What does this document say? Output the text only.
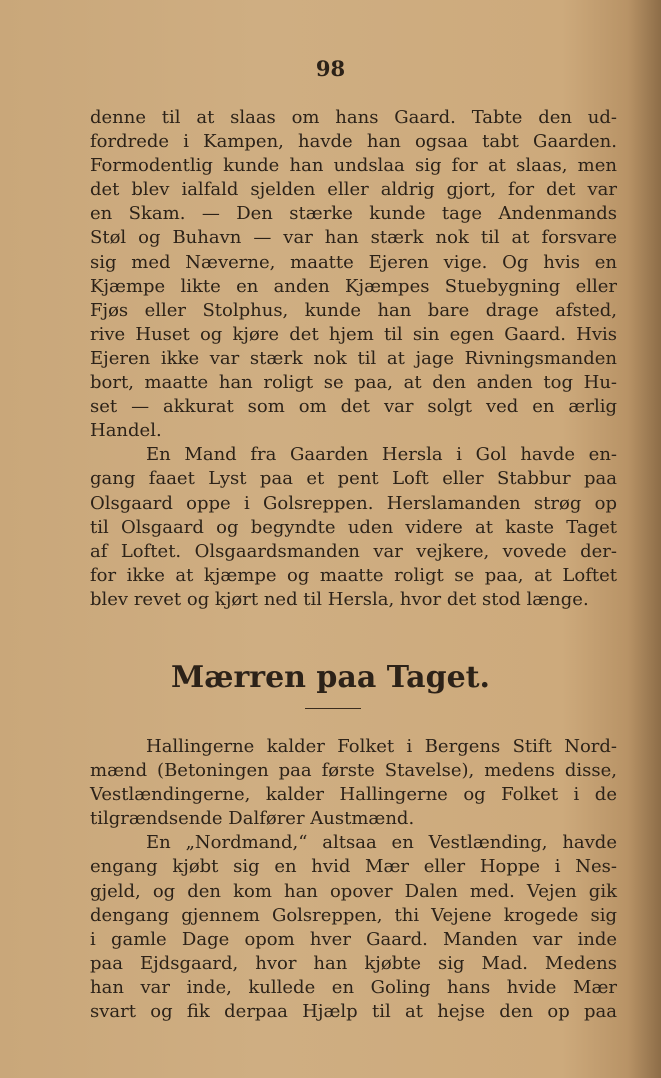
98
denne til at slaas om hans Gaard. Tabte den ud-
fordrede i Kampen, havde han ogsaa tabt Gaarden.
Formodentlig kunde han undslaa sig for at slaas, men
det blev ialfald sjelden eller aldrig gjort, for det var
en Skam. — Den stærke kunde tage Andenmands
Støl og Buhavn — var han stærk nok til at forsvare
sig med Næverne, maatte Ejeren vige. Og hvis en
Kjæmpe likte en anden Kjæmpes Stuebygning eller
Fjøs eller Stolphus, kunde han bare drage afsted,
rive Huset og kjøre det hjem til sin egen Gaard. Hvis
Ejeren ikke var stærk nok til at jage Rivningsmanden
bort, maatte han roligt se paa, at den anden tog Hu-
set — akkurat som om det var solgt ved en ærlig
Handel.
En Mand fra Gaarden Hersla i Gol havde en-
gang faaet Lyst paa et pent Loft eller Stabbur paa
Olsgaard oppe i Golsreppen. Herslamanden strøg op
til Olsgaard og begyndte uden videre at kaste Taget
af Loftet. Olsgaardsmanden var vejkere, vovede der-
for ikke at kjæmpe og maatte roligt se paa, at Loftet
blev revet og kjørt ned til Hersla, hvor det stod længe.
Mærren paa Taget.
Hallingerne kalder Folket i Bergens Stift Nord-
mænd (Betoningen paa første Stavelse), medens disse,
Vestlændingerne, kalder Hallingerne og Folket i de
tilgrændsende Dalfører Austmænd.
En „Nordmand,“ altsaa en Vestlænding, havde
engang kjøbt sig en hvid Mær eller Hoppe i Nes-
gjeld, og den kom han opover Dalen med. Vejen gik
dengang gjennem Golsreppen, thi Vejene krogede sig
i gamle Dage opom hver Gaard. Manden var inde
paa Ejdsgaard, hvor han kjøbte sig Mad. Medens
han var inde, kullede en Goling hans hvide Mær
svart og fik derpaa Hjælp til at hejse den op paa
